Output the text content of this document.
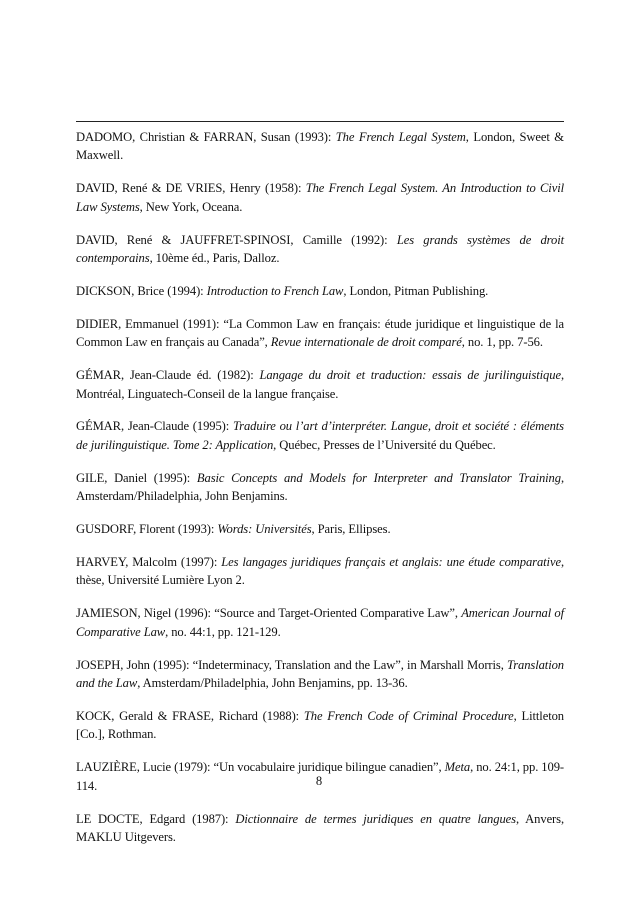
DADOMO, Christian & FARRAN, Susan (1993): The French Legal System, London, Sweet & Maxwell.
DAVID, René & DE VRIES, Henry (1958): The French Legal System. An Introduction to Civil Law Systems, New York, Oceana.
DAVID, René & JAUFFRET-SPINOSI, Camille (1992): Les grands systèmes de droit contemporains, 10ème éd., Paris, Dalloz.
DICKSON, Brice (1994): Introduction to French Law, London, Pitman Publishing.
DIDIER, Emmanuel (1991): “La Common Law en français: étude juridique et linguistique de la Common Law en français au Canada”, Revue internationale de droit comparé, no. 1, pp. 7-56.
GÉMAR, Jean-Claude éd. (1982): Langage du droit et traduction: essais de jurilinguistique, Montréal, Linguatech-Conseil de la langue française.
GÉMAR, Jean-Claude (1995): Traduire ou l’art d’interpréter. Langue, droit et société : éléments de jurilinguistique. Tome 2: Application, Québec, Presses de l’Université du Québec.
GILE, Daniel (1995): Basic Concepts and Models for Interpreter and Translator Training, Amsterdam/Philadelphia, John Benjamins.
GUSDORF, Florent (1993): Words: Universités, Paris, Ellipses.
HARVEY, Malcolm (1997): Les langages juridiques français et anglais: une étude comparative, thèse, Université Lumière Lyon 2.
JAMIESON, Nigel (1996): “Source and Target-Oriented Comparative Law”, American Journal of Comparative Law, no. 44:1, pp. 121-129.
JOSEPH, John (1995): “Indeterminacy, Translation and the Law”, in Marshall Morris, Translation and the Law, Amsterdam/Philadelphia, John Benjamins, pp. 13-36.
KOCK, Gerald & FRASE, Richard (1988): The French Code of Criminal Procedure, Littleton [Co.], Rothman.
LAUZIÈRE, Lucie (1979): “Un vocabulaire juridique bilingue canadien”, Meta, no. 24:1, pp. 109-114.
LE DOCTE, Edgard (1987): Dictionnaire de termes juridiques en quatre langues, Anvers, MAKLU Uitgevers.
8
